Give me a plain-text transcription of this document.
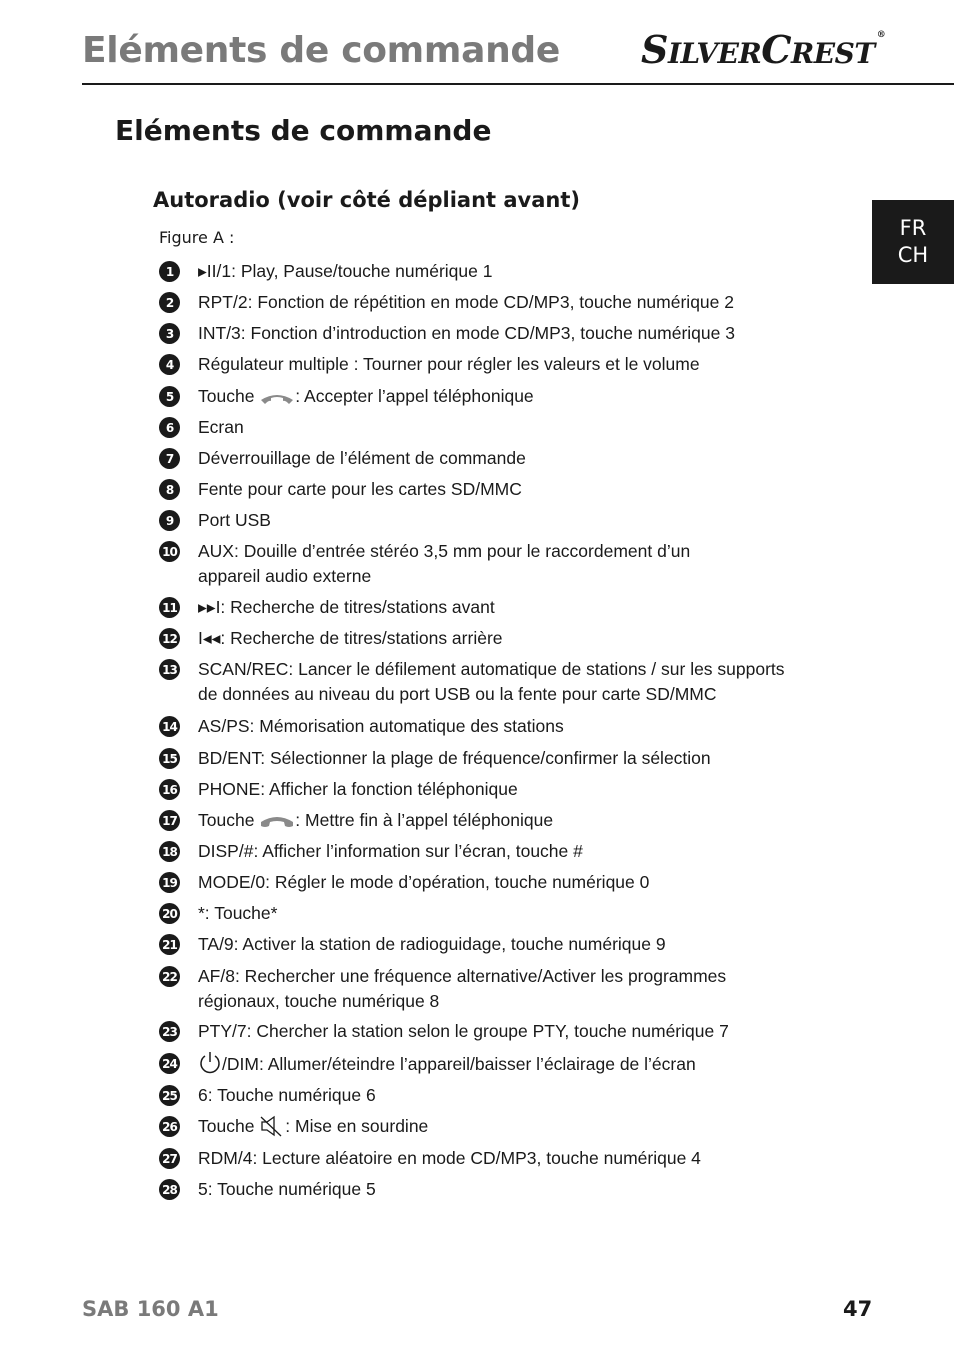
Eléments de commande SILVERCREST®
FR
CH
Eléments de commande
Autoradio (voir côté dépliant avant)
Figure A :
1	▸II/1: Play, Pause/touche numérique 1
2	RPT/2: Fonction de répétition en mode CD/MP3, touche numérique 2
3	INT/3: Fonction d’introduction en mode CD/MP3, touche numérique 3
4	Régulateur multiple : Tourner pour régler les valeurs et le volume
5	Touche : Accepter l’appel téléphonique
6	Ecran
7	Déverrouillage de l’élément de commande
8	Fente pour carte pour les cartes SD/MMC
9	Port USB
10 AUX: Douille d’entrée stéréo 3,5 mm pour le raccordement d’un appareil audio externe
11 ▸▸I: Recherche de titres/stations avant
12 I◂◂: Recherche de titres/stations arrière
13 SCAN/REC: Lancer le défilement automatique de stations / sur les supports de données au niveau du port USB ou la fente pour carte SD/MMC
14 AS/PS: Mémorisation automatique des stations
15 BD/ENT: Sélectionner la plage de fréquence/confirmer la sélection
16 PHONE: Afficher la fonction téléphonique
17 Touche : Mettre fin à l’appel téléphonique
18 DISP/#: Afficher l’information sur l’écran, touche #
19 MODE/0: Régler le mode d’opération, touche numérique 0
20 *: Touche*
21 TA/9: Activer la station de radioguidage, touche numérique 9
22 AF/8: Rechercher une fréquence alternative/Activer les programmes régionaux, touche numérique 8
23 PTY/7: Chercher la station selon le groupe PTY, touche numérique 7
24	/DIM: Allumer/éteindre l’appareil/baisser l’éclairage de l’écran
25 6: Touche numérique 6
26 Touche : Mise en sourdine
27 RDM/4: Lecture aléatoire en mode CD/MP3, touche numérique 4
28 5: Touche numérique 5
SAB 160 A1	47
